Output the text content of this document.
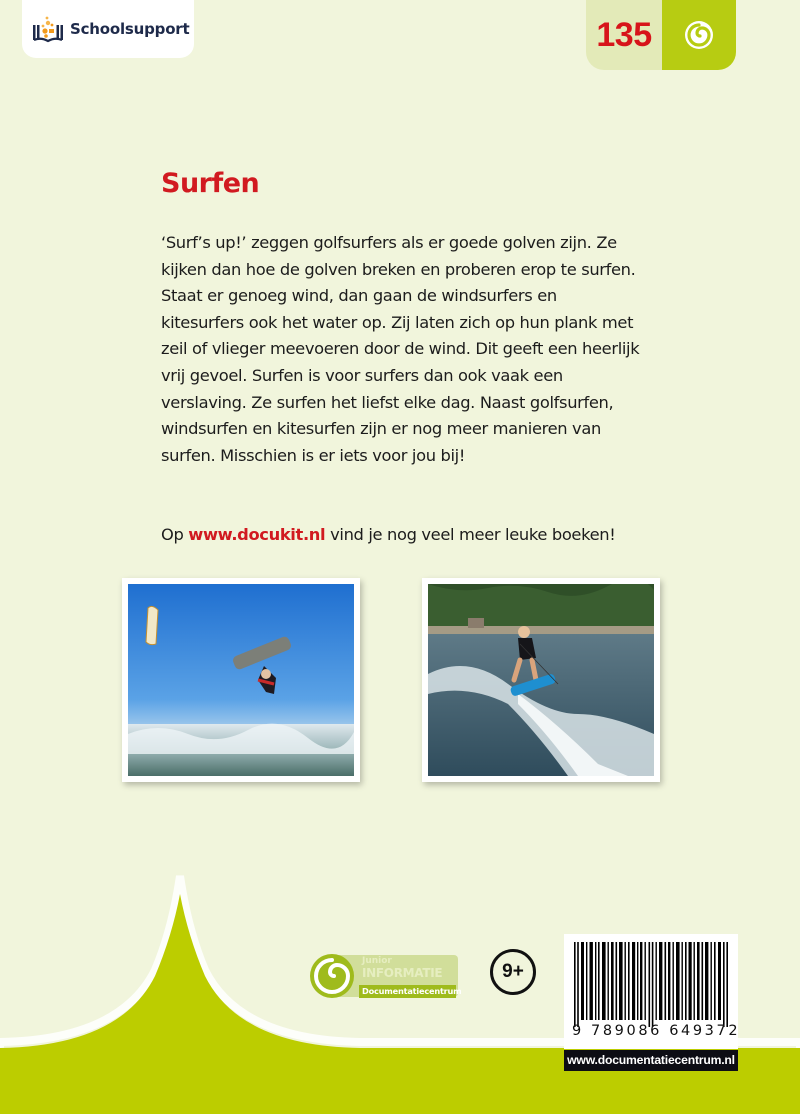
Schoolsupport	135
Surfen

‘Surf’s up!’ zeggen golfsurfers als er goede golven zijn. Ze kijken dan hoe de golven breken en proberen erop te surfen. Staat er genoeg wind, dan gaan de windsurfers en kitesurfers ook het water op. Zij laten zich op hun plank met zeil of vlieger meevoeren door de wind. Dit geeft een heerlijk vrij gevoel. Surfen is voor surfers dan ook vaak een verslaving. Ze surfen het liefst elke dag. Naast golfsurfen, windsurfen en kitesurfen zijn er nog meer manieren van surfen. Misschien is er iets voor jou bij!

Op www.docukit.nl vind je nog veel meer leuke boeken!
Junior
INFORMATIE
Documentatiecentrum
9+
9 789086 649372
www.documentatiecentrum.nl
